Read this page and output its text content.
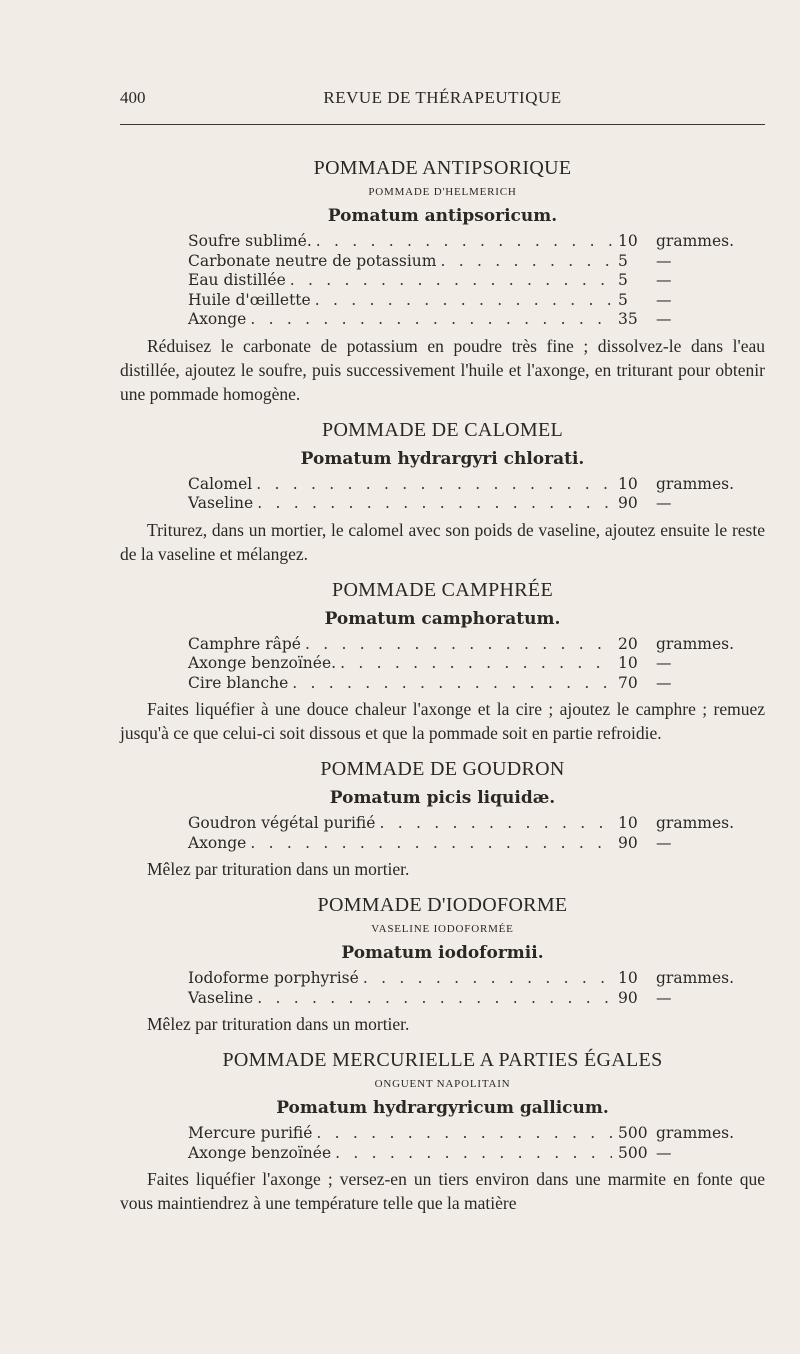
400	REVUE DE THÉRAPEUTIQUE
POMMADE ANTIPSORIQUE
POMMADE D'HELMERICH
Pomatum antipsoricum.
Soufre sublimé. . . .	10	grammes.
Carbonate neutre de potassium . . .	5	—
Eau distillée . . .	5	—
Huile d'œillette . . .	5	—
Axonge . . .	35	—
Réduisez le carbonate de potassium en poudre très fine ; dissolvez-le dans l'eau distillée, ajoutez le soufre, puis successivement l'huile et l'axonge, en triturant pour obtenir une pommade homogène.
POMMADE DE CALOMEL
Pomatum hydrargyri chlorati.
Calomel . . .	10	grammes.
Vaseline . . .	90	—
Triturez, dans un mortier, le calomel avec son poids de vaseline, ajoutez ensuite le reste de la vaseline et mélangez.
POMMADE CAMPHRÉE
Pomatum camphoratum.
Camphre râpé . . .	20	grammes.
Axonge benzoïnée. . . .	10	—
Cire blanche . . .	70	—
Faites liquéfier à une douce chaleur l'axonge et la cire ; ajoutez le camphre ; remuez jusqu'à ce que celui-ci soit dissous et que la pommade soit en partie refroidie.
POMMADE DE GOUDRON
Pomatum picis liquidæ.
Goudron végétal purifié . . .	10	grammes.
Axonge . . .	90	—
Mêlez par trituration dans un mortier.
POMMADE D'IODOFORME
VASELINE IODOFORMÉE
Pomatum iodoformii.
Iodoforme porphyrisé . . .	10	grammes.
Vaseline . . .	90	—
Mêlez par trituration dans un mortier.
POMMADE MERCURIELLE A PARTIES ÉGALES
ONGUENT NAPOLITAIN
Pomatum hydrargyricum gallicum.
Mercure purifié . . .	500 grammes.
Axonge benzoïnée . . .	500 —
Faites liquéfier l'axonge ; versez-en un tiers environ dans une marmite en fonte que vous maintiendrez à une température telle que la matière
